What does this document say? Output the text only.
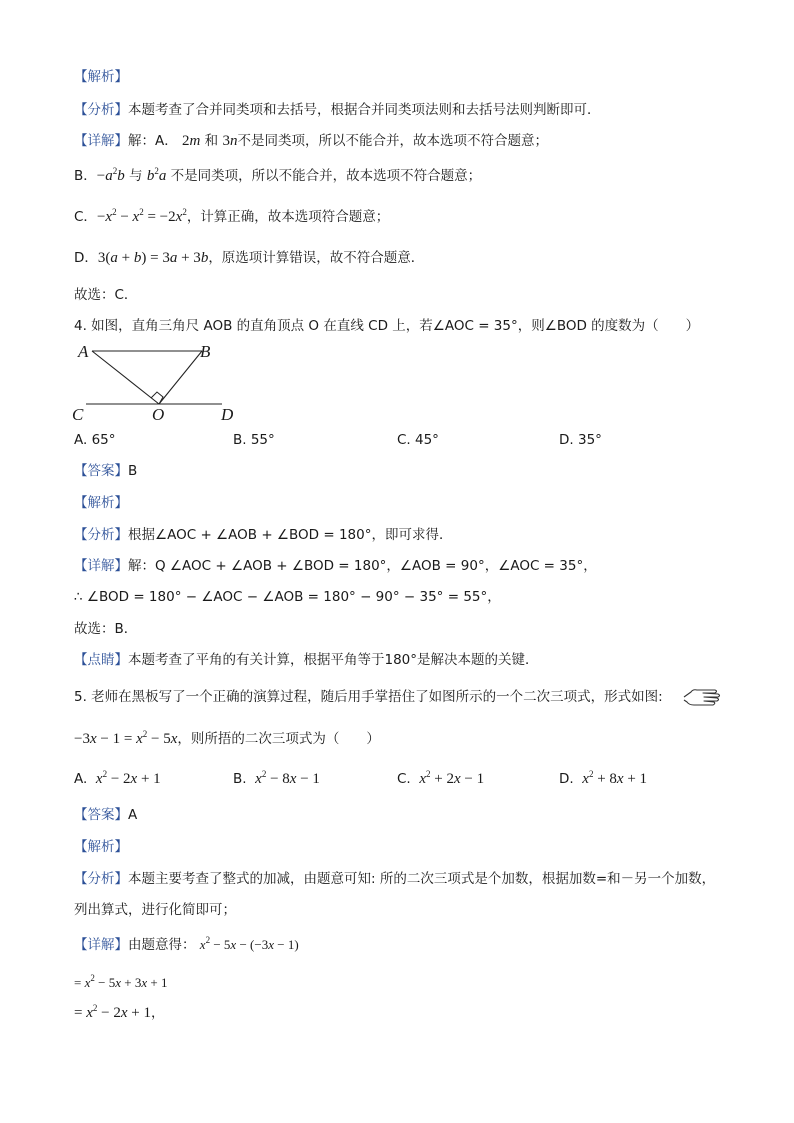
【解析】
【分析】本题考查了合并同类项和去括号，根据合并同类项法则和去括号法则判断即可．
【详解】解：A． 2m 和 3n不是同类项，所以不能合并，故本选项不符合题意；
B．$-a^2b$ 与 $b^2a$ 不是同类项，所以不能合并，故本选项不符合题意；
C．$-x^2 - x^2 = -2x^2$，计算正确，故本选项符合题意；
D．3(a + b) = 3a + 3b，原选项计算错误，故不符合题意．
故选：C．
4. 如图，直角三角尺 AOB 的直角顶点 O 在直线 CD 上，若∠AOC = 35°，则∠BOD 的度数为（　　）
A	B
C	O	D
A. 65°	B. 55°	C. 45°	D. 35°
【答案】B
【解析】
【分析】根据∠AOC + ∠AOB + ∠BOD = 180°，即可求得．
【详解】解：Q ∠AOC + ∠AOB + ∠BOD = 180°，∠AOB = 90°，∠AOC = 35°，
∴ ∠BOD = 180° − ∠AOC − ∠AOB = 180° − 90° − 35° = 55°，
故选：B．
【点睛】本题考查了平角的有关计算，根据平角等于180°是解决本题的关键．
5. 老师在黑板写了一个正确的演算过程，随后用手掌捂住了如图所示的一个二次三项式，形式如图:
$-3x - 1 = x^2 - 5x$，则所捂的二次三项式为（　　）
A. $x^2 - 2x + 1$	B. $x^2 - 8x - 1$	C. $x^2 + 2x - 1$	D. $x^2 + 8x + 1$
【答案】A
【解析】
【分析】本题主要考查了整式的加减，由题意可知: 所的二次三项式是个加数，根据加数=和－另一个加数，
列出算式，进行化简即可；
【详解】由题意得： $x^2 - 5x - (-3x - 1)$
= $x^2 - 5x + 3x + 1$
= $x^2 - 2x + 1$，
